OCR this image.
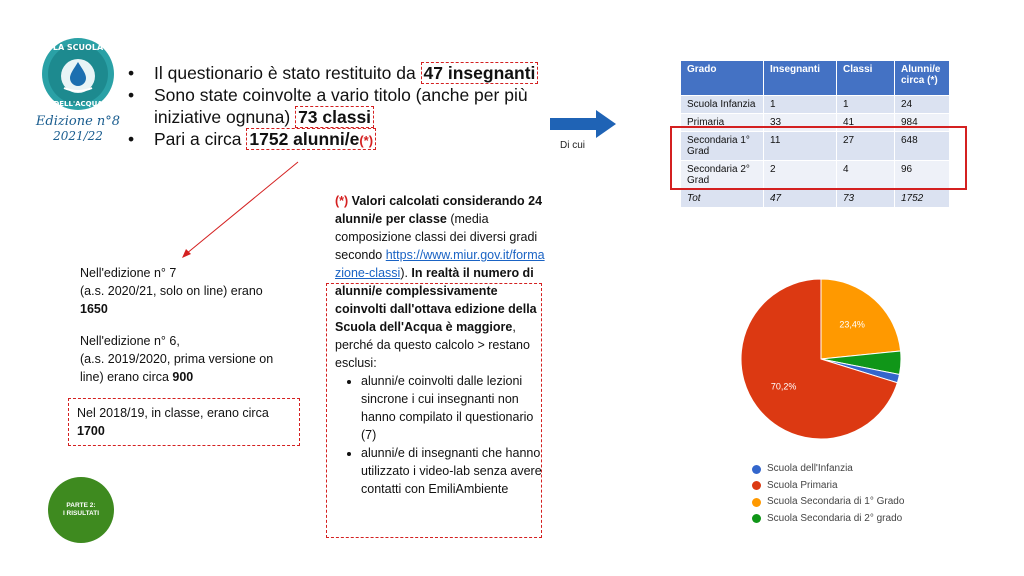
LA SCUOLA
DELL'ACQUA
Edizione n°8
2021/22
• Il questionario è stato restituito da 47 insegnanti
• Sono state coinvolte a vario titolo (anche per più iniziative ognuna) 73 classi
• Pari a circa 1752 alunni/e(*)

Nell'edizione n° 7
(a.s. 2020/21, solo on line) erano
1650

Nell'edizione n° 6,
(a.s. 2019/2020, prima versione on line) erano circa 900

Nel 2018/19, in classe, erano circa 1700
(*) Valori calcolati considerando 24 alunni/e per classe (media composizione classi dei diversi gradi secondo https://www.miur.gov.it/formazione-classi). In realtà il numero di alunni/e complessivamente coinvolti dall'ottava edizione della Scuola dell'Acqua è maggiore, perché da questo calcolo > restano esclusi:
• alunni/e coinvolti dalle lezioni sincrone i cui insegnanti non hanno compilato il questionario (7)
• alunni/e di insegnanti che hanno utilizzato i video-lab senza avere contatti con EmiliAmbiente
Di cui
Grado	Insegnanti	Classi	Alunni/e circa (*)
Scuola Infanzia	1	1	24
Primaria	33	41	984
Secondaria 1° Grad	11	27	648
Secondaria 2° Grad	2	4	96
Tot	47	73	1752
23,4%
70,2%
Scuola dell'Infanzia
Scuola Primaria
Scuola Secondaria di 1° Grado
Scuola Secondaria di 2° grado
PARTE 2:
I RISULTATI
